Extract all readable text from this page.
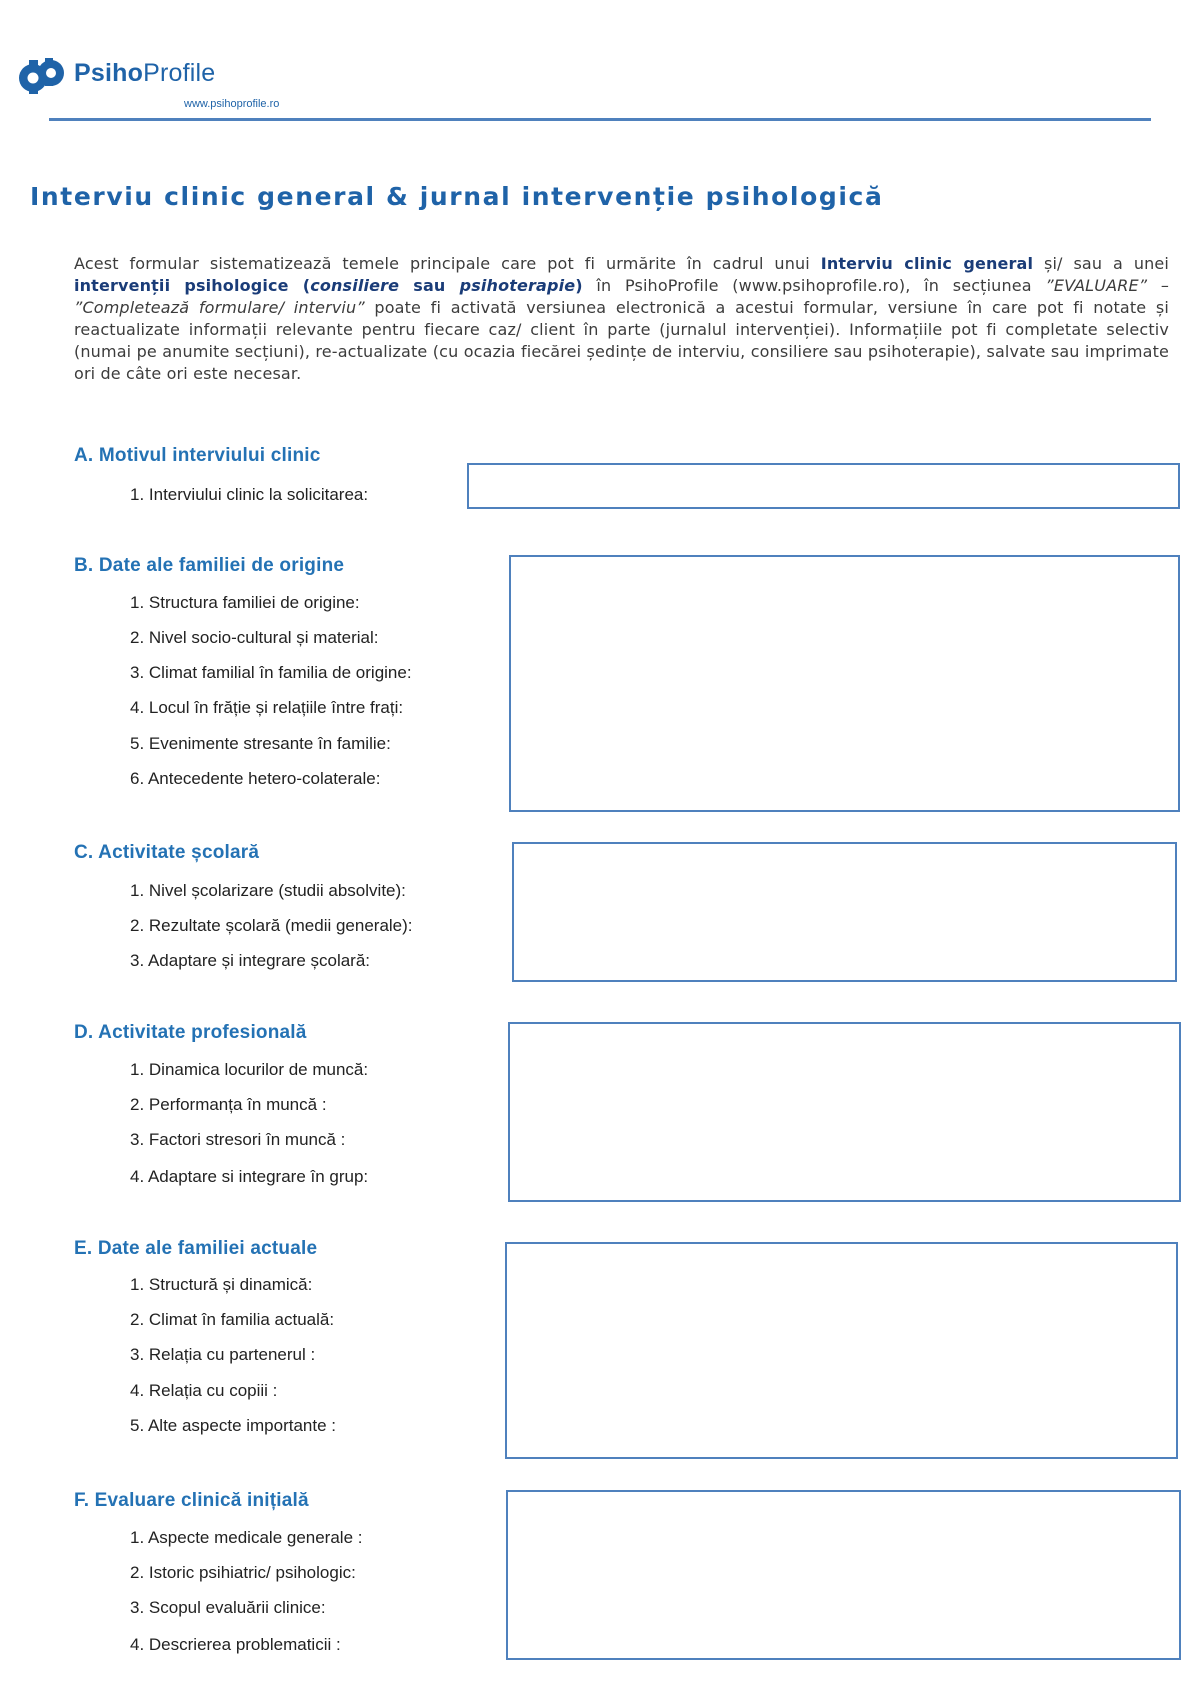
PsihoProfile
www.psihoprofile.ro
Interviu clinic general & jurnal intervenție psihologică

Acest formular sistematizează temele principale care pot fi urmărite în cadrul unui Interviu clinic general și/ sau a unei intervenții psihologice (consiliere sau psihoterapie) în PsihoProfile (www.psihoprofile.ro), în secțiunea ”EVALUARE” – ”Completează formulare/ interviu” poate fi activată versiunea electronică a acestui formular, versiune în care pot fi notate și reactualizate informații relevante pentru fiecare caz/ client în parte (jurnalul intervenției). Informațiile pot fi completate selectiv (numai pe anumite secțiuni), re-actualizate (cu ocazia fiecărei ședințe de interviu, consiliere sau psihoterapie), salvate sau imprimate ori de câte ori este necesar.

A. Motivul interviului clinic
1. Interviului clinic la solicitarea:
B. Date ale familiei de origine
1. Structura familiei de origine:
2. Nivel socio-cultural și material:
3. Climat familial în familia de origine:
4. Locul în frăție și relațiile între frați:
5. Evenimente stresante în familie:
6. Antecedente hetero-colaterale:
C. Activitate școlară
1. Nivel școlarizare (studii absolvite):
2. Rezultate școlară (medii generale):
3. Adaptare și integrare școlară:
D. Activitate profesională
1. Dinamica locurilor de muncă:
2. Performanța în muncă :
3. Factori stresori în muncă :
4. Adaptare si integrare în grup:
E. Date ale familiei actuale
1. Structură și dinamică:
2. Climat în familia actuală:
3. Relația cu partenerul :
4. Relația cu copiii :
5. Alte aspecte importante :
F. Evaluare clinică inițială
1. Aspecte medicale generale :
2. Istoric psihiatric/ psihologic:
3. Scopul evaluării clinice:
4. Descrierea problematicii :
